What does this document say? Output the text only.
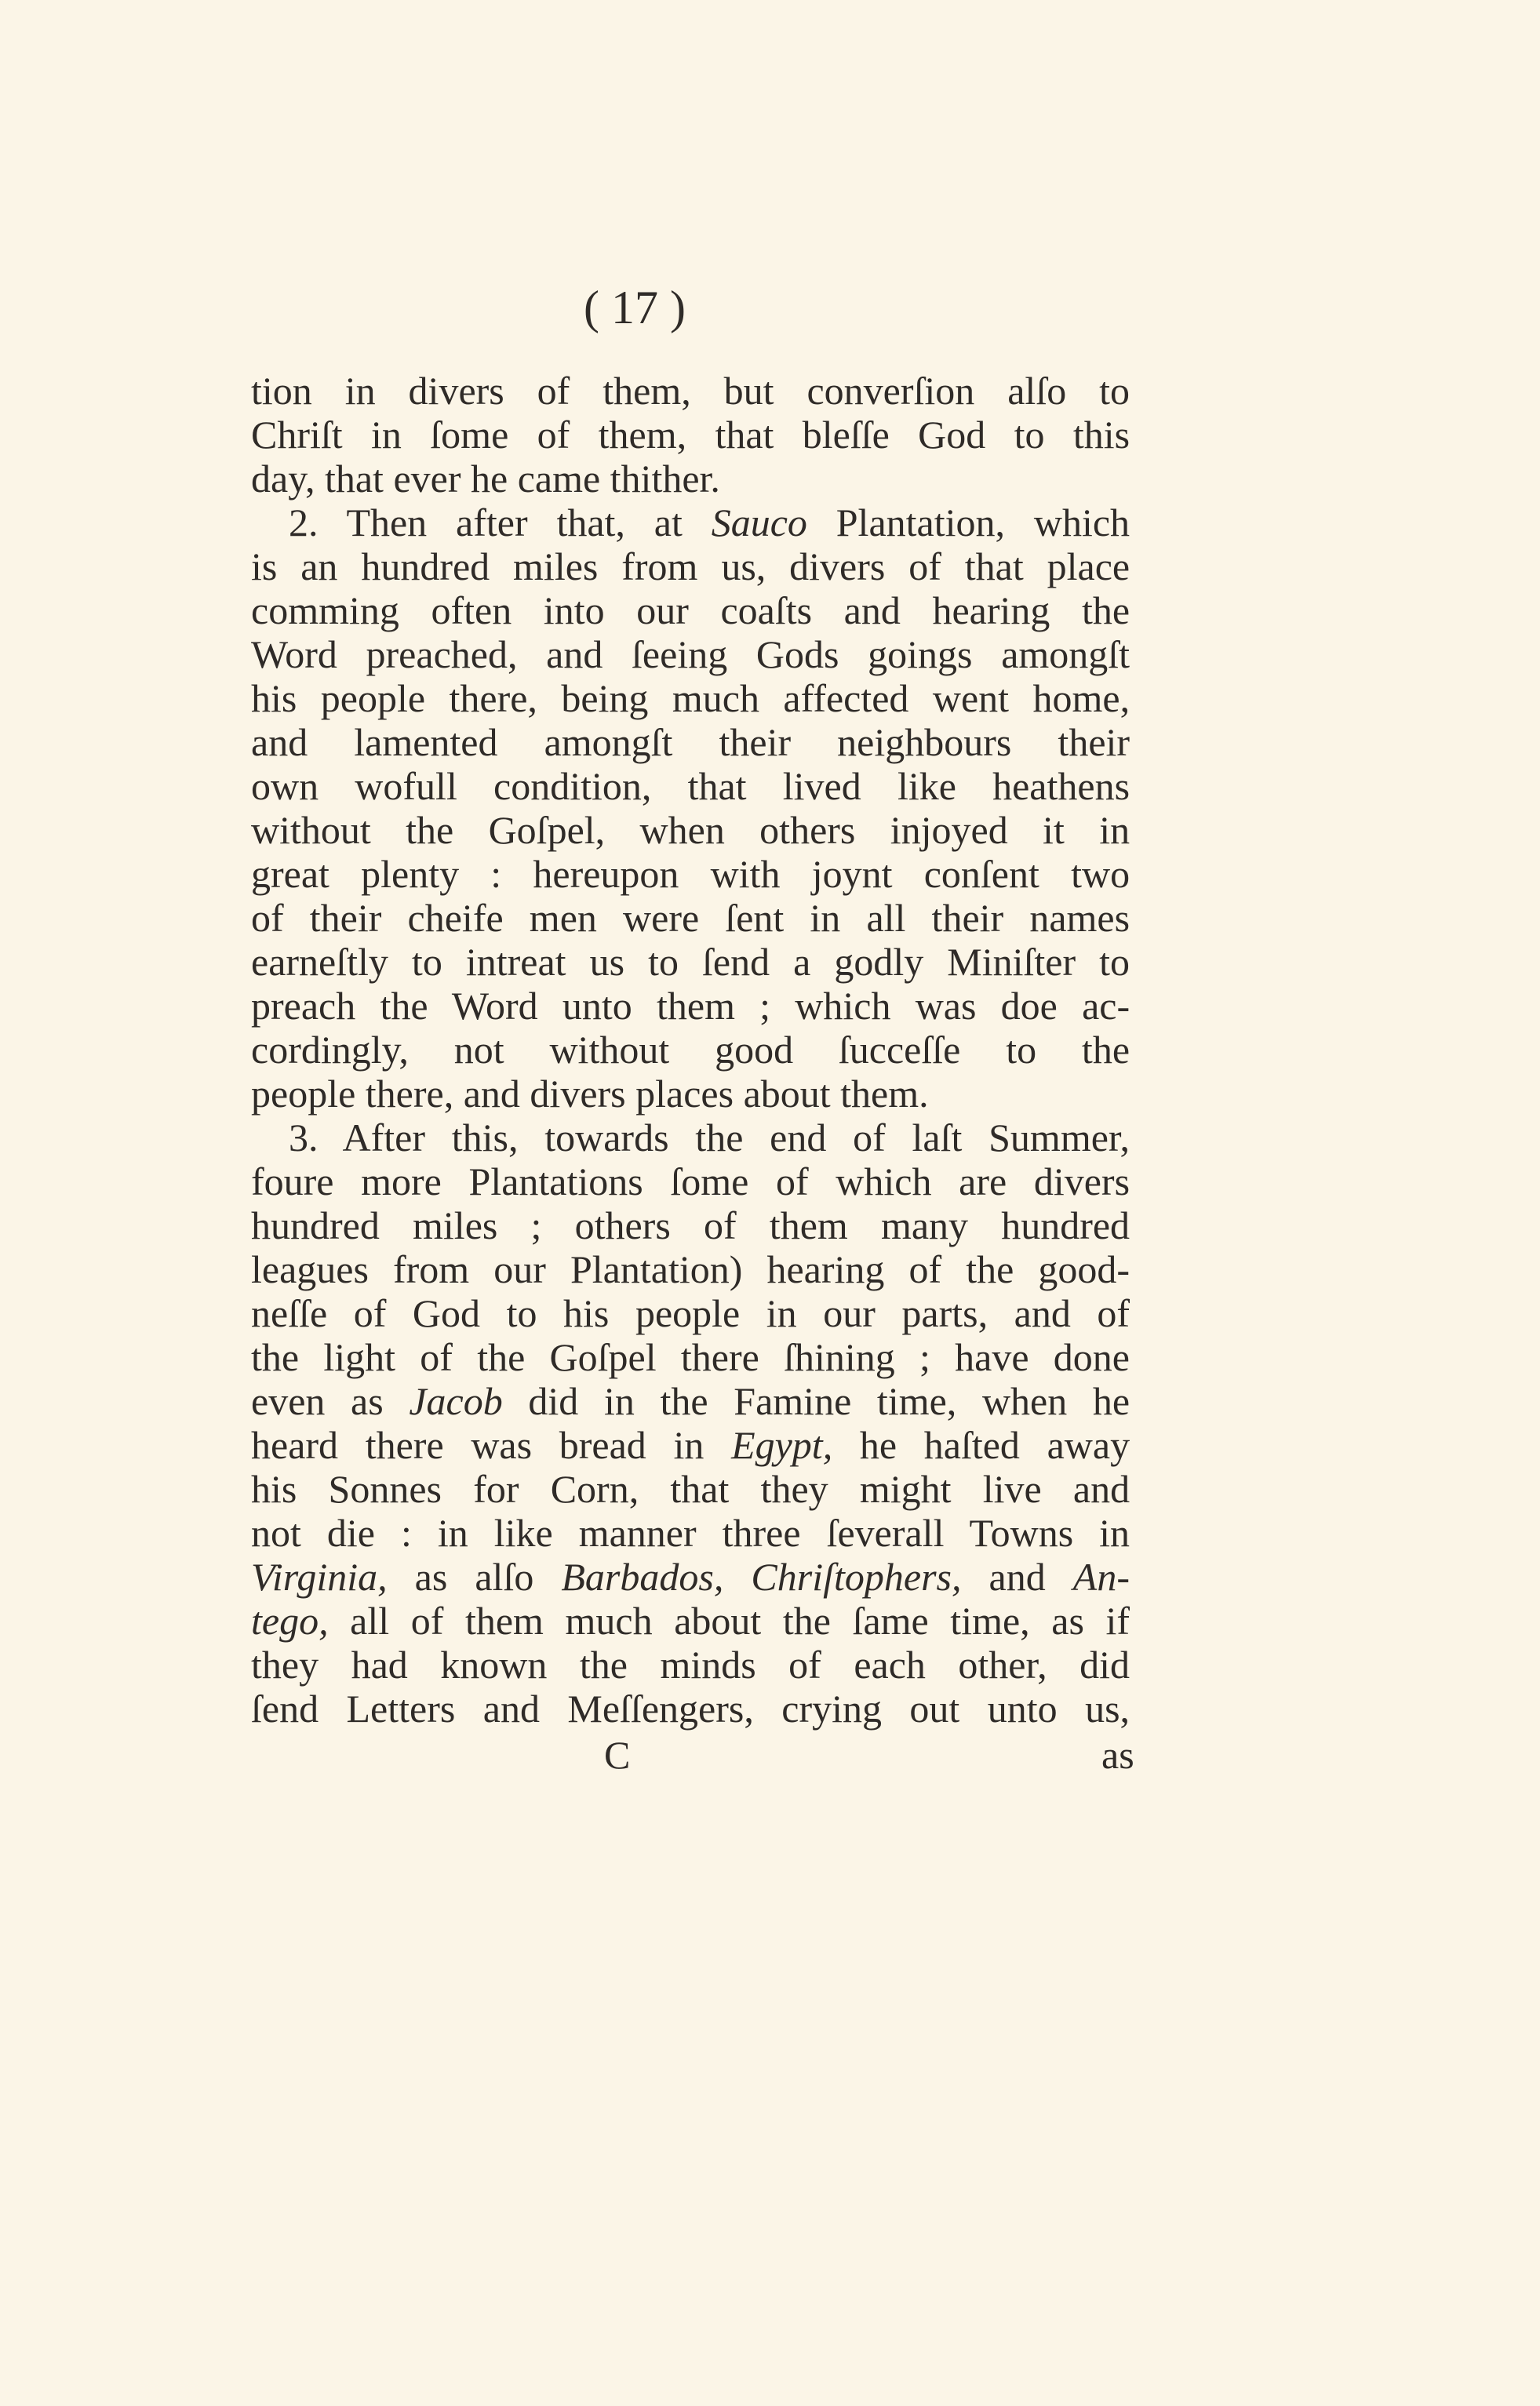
( 17 )
tion in divers of them, but converſion alſo to
Chriſt in ſome of them, that bleſſe God to this
day, that ever he came thither.
2. Then after that, at Sauco Plantation, which
is an hundred miles from us, divers of that place
comming often into our coaſts and hearing the
Word preached, and ſeeing Gods goings amongſt
his people there, being much affected went home,
and lamented amongſt their neighbours their
own wofull condition, that lived like heathens
without the Goſpel, when others injoyed it in
great plenty : hereupon with joynt conſent two
of their cheife men were ſent in all their names
earneſtly to intreat us to ſend a godly Miniſter to
preach the Word unto them ; which was doe ac-
cordingly, not without good ſucceſſe to the
people there, and divers places about them.
3. After this, towards the end of laſt Summer,
foure more Plantations ſome of which are divers
hundred miles ; others of them many hundred
leagues from our Plantation) hearing of the good-
neſſe of God to his people in our parts, and of
the light of the Goſpel there ſhining ; have done
even as Jacob did in the Famine time, when he
heard there was bread in Egypt, he haſted away
his Sonnes for Corn, that they might live and
not die : in like manner three ſeverall Towns in
Virginia, as alſo Barbados, Chriſtophers, and An-
tego, all of them much about the ſame time, as if
they had known the minds of each other, did
ſend Letters and Meſſengers, crying out unto us,
C	as
